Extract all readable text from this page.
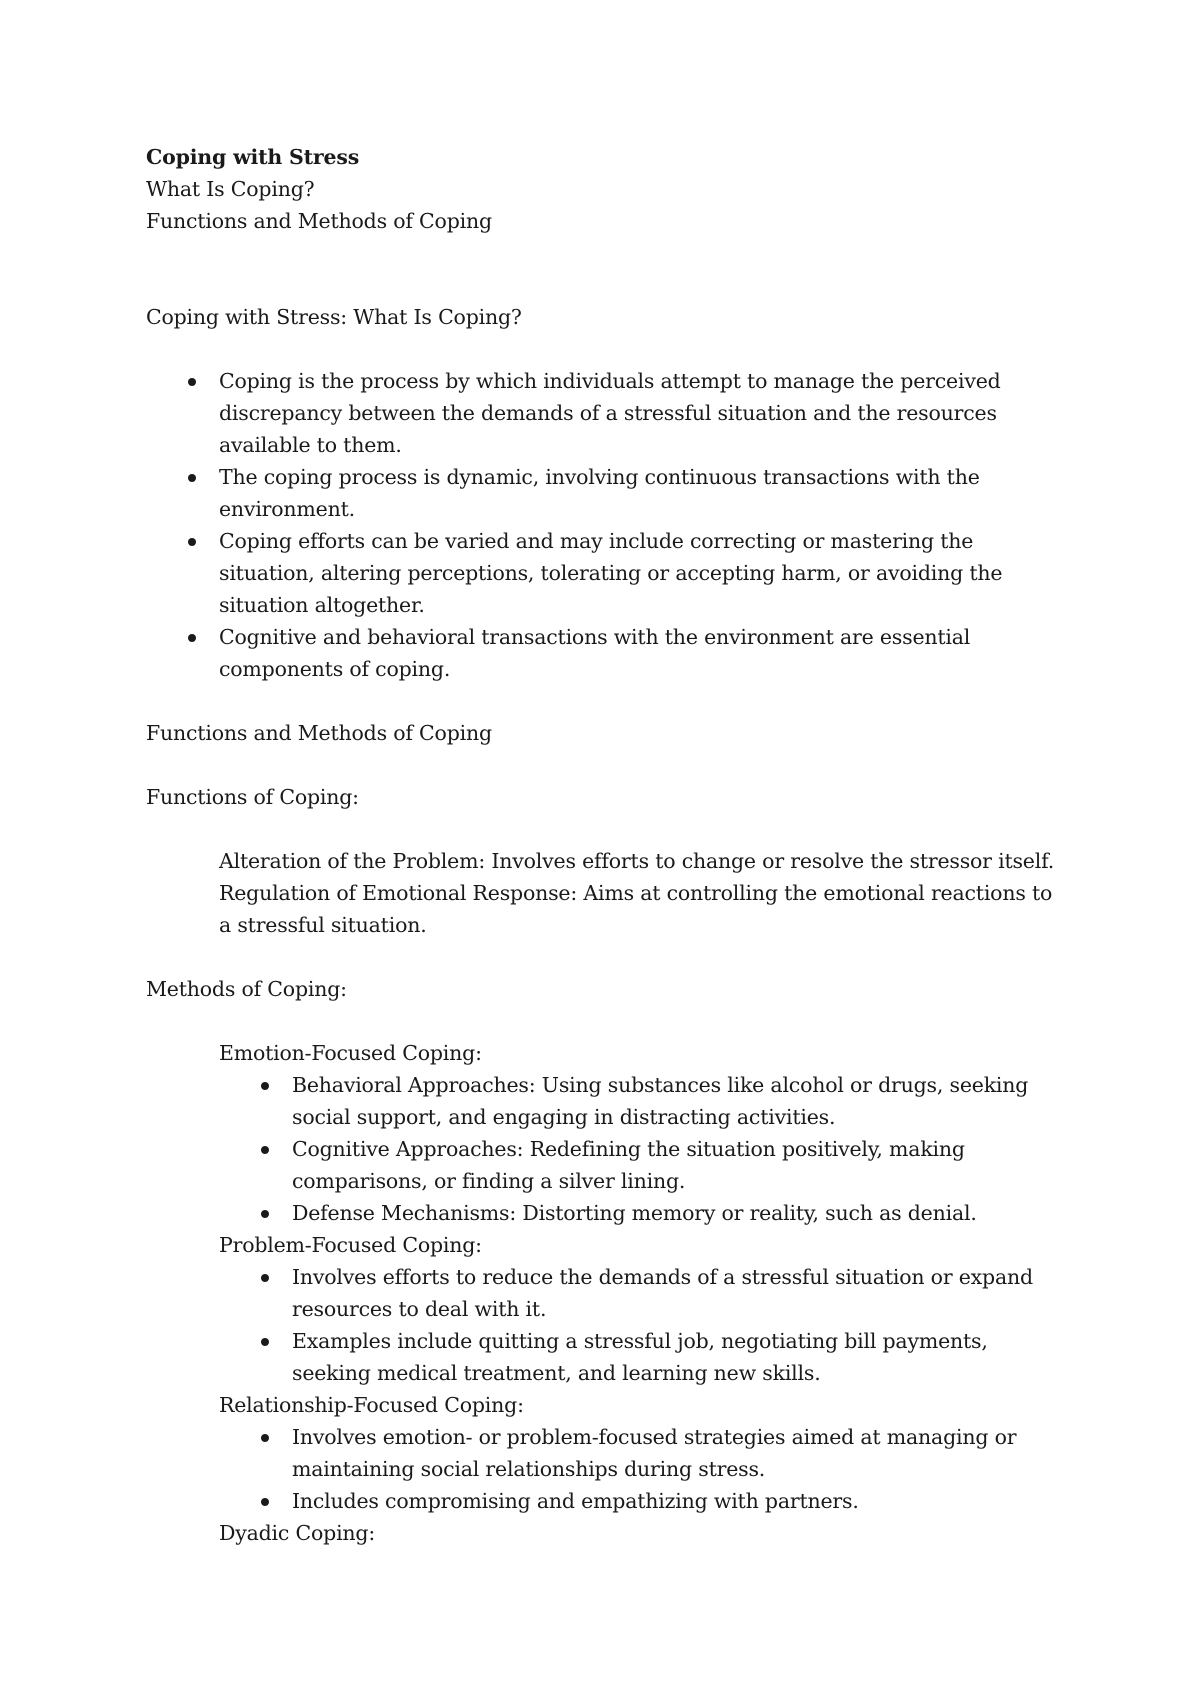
Coping with Stress

What Is Coping?

Functions and Methods of Coping

Coping with Stress: What Is Coping?

Coping is the process by which individuals attempt to manage the perceived discrepancy between the demands of a stressful situation and the resources available to them.
The coping process is dynamic, involving continuous transactions with the environment.
Coping efforts can be varied and may include correcting or mastering the situation, altering perceptions, tolerating or accepting harm, or avoiding the situation altogether.
Cognitive and behavioral transactions with the environment are essential components of coping.

Functions and Methods of Coping

Functions of Coping:

Alteration of the Problem: Involves efforts to change or resolve the stressor itself.

Regulation of Emotional Response: Aims at controlling the emotional reactions to a stressful situation.

Methods of Coping:

Emotion-Focused Coping:

Behavioral Approaches: Using substances like alcohol or drugs, seeking social support, and engaging in distracting activities.
Cognitive Approaches: Redefining the situation positively, making comparisons, or finding a silver lining.
Defense Mechanisms: Distorting memory or reality, such as denial.

Problem-Focused Coping:

Involves efforts to reduce the demands of a stressful situation or expand resources to deal with it.
Examples include quitting a stressful job, negotiating bill payments, seeking medical treatment, and learning new skills.

Relationship-Focused Coping:

Involves emotion- or problem-focused strategies aimed at managing or maintaining social relationships during stress.
Includes compromising and empathizing with partners.

Dyadic Coping:
